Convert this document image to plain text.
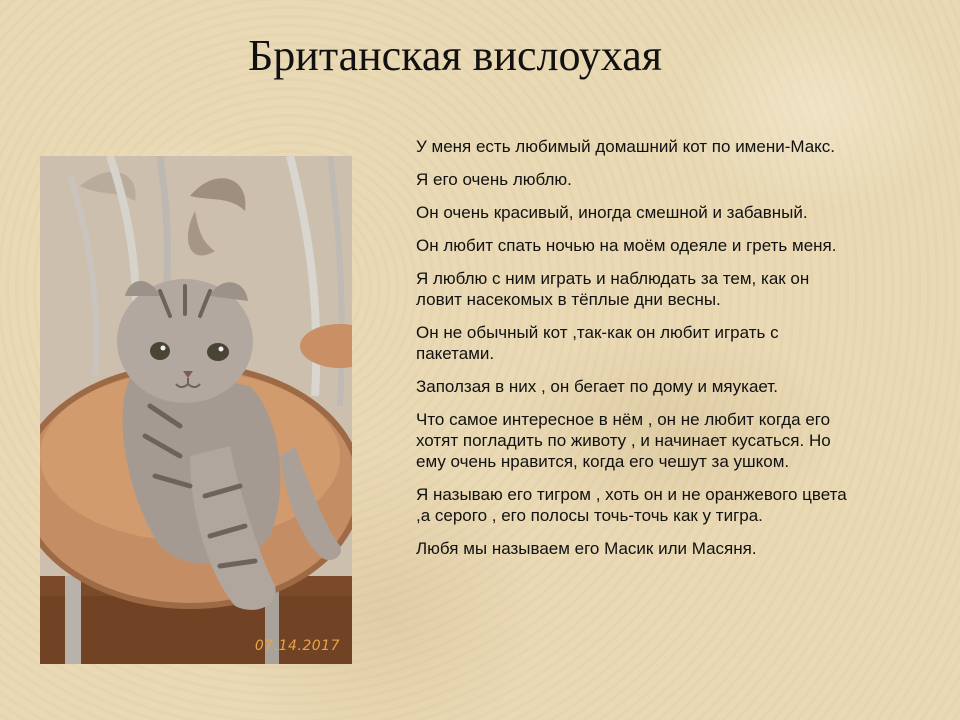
Британская вислоухая
07.14.2017

У меня есть любимый домашний кот по имени-Макс.

Я его очень люблю.

Он очень красивый, иногда смешной и забавный.

Он любит спать ночью на моём одеяле и греть меня.

Я люблю с ним играть и наблюдать за тем, как он
ловит насекомых в тёплые дни весны.

Он не обычный кот ,так-как он любит играть с
пакетами.

Заползая в них , он бегает по дому и мяукает.

Что самое интересное в нём , он не любит когда его
хотят погладить по животу , и начинает кусаться. Но
ему очень нравится, когда его чешут за ушком.

Я называю его тигром , хоть он и не оранжевого цвета
,а серого , его полосы точь-точь как у тигра.

Любя мы называем его Масик или Масяня.
